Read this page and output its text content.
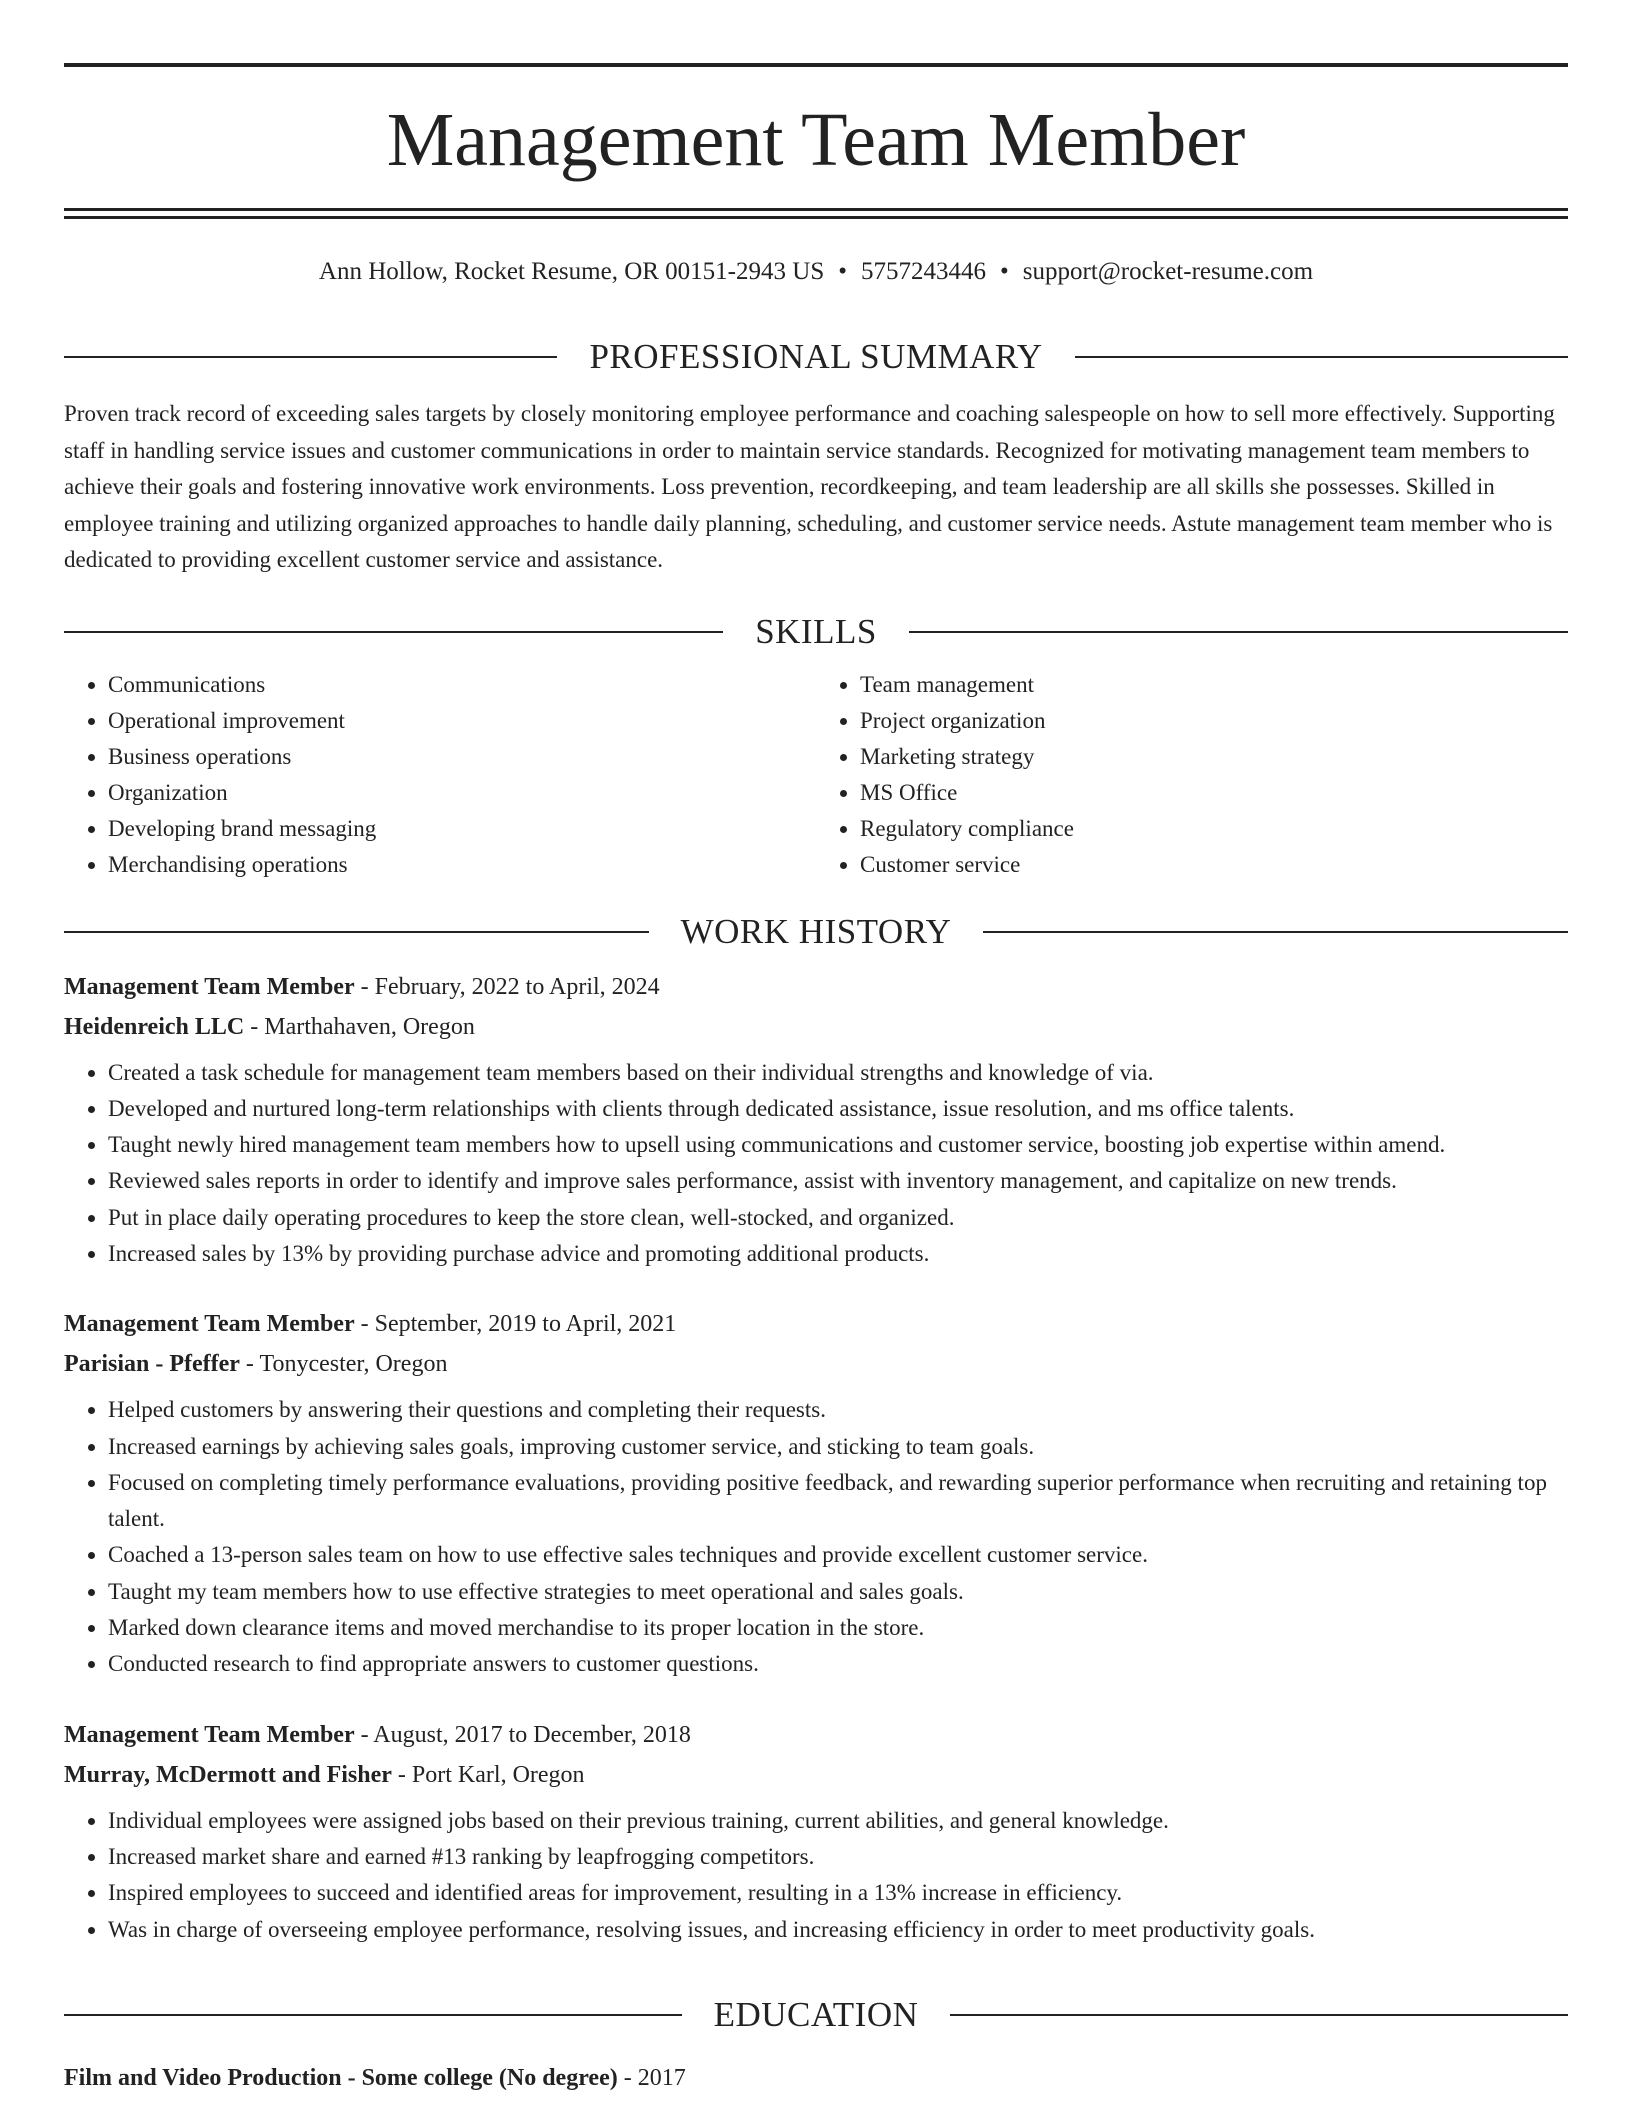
Management Team Member
Ann Hollow, Rocket Resume, OR 00151-2943 US • 5757243446 • support@rocket-resume.com
PROFESSIONAL SUMMARY

Proven track record of exceeding sales targets by closely monitoring employee performance and coaching salespeople on how to sell more effectively. Supporting staff in handling service issues and customer communications in order to maintain service standards. Recognized for motivating management team members to achieve their goals and fostering innovative work environments. Loss prevention, recordkeeping, and team leadership are all skills she possesses. Skilled in employee training and utilizing organized approaches to handle daily planning, scheduling, and customer service needs. Astute management team member who is dedicated to providing excellent customer service and assistance.

SKILLS
• Communications
• Operational improvement
• Business operations
• Organization
• Developing brand messaging
• Merchandising operations
• Team management
• Project organization
• Marketing strategy
• MS Office
• Regulatory compliance
• Customer service
WORK HISTORY
Management Team Member - February, 2022 to April, 2024
Heidenreich LLC - Marthahaven, Oregon
• Created a task schedule for management team members based on their individual strengths and knowledge of via.
• Developed and nurtured long-term relationships with clients through dedicated assistance, issue resolution, and ms office talents.
• Taught newly hired management team members how to upsell using communications and customer service, boosting job expertise within amend.
• Reviewed sales reports in order to identify and improve sales performance, assist with inventory management, and capitalize on new trends.
• Put in place daily operating procedures to keep the store clean, well-stocked, and organized.
• Increased sales by 13% by providing purchase advice and promoting additional products.
Management Team Member - September, 2019 to April, 2021
Parisian - Pfeffer - Tonycester, Oregon
• Helped customers by answering their questions and completing their requests.
• Increased earnings by achieving sales goals, improving customer service, and sticking to team goals.
• Focused on completing timely performance evaluations, providing positive feedback, and rewarding superior performance when recruiting and retaining top talent.
• Coached a 13-person sales team on how to use effective sales techniques and provide excellent customer service.
• Taught my team members how to use effective strategies to meet operational and sales goals.
• Marked down clearance items and moved merchandise to its proper location in the store.
• Conducted research to find appropriate answers to customer questions.
Management Team Member - August, 2017 to December, 2018
Murray, McDermott and Fisher - Port Karl, Oregon
• Individual employees were assigned jobs based on their previous training, current abilities, and general knowledge.
• Increased market share and earned #13 ranking by leapfrogging competitors.
• Inspired employees to succeed and identified areas for improvement, resulting in a 13% increase in efficiency.
• Was in charge of overseeing employee performance, resolving issues, and increasing efficiency in order to meet productivity goals.
EDUCATION
Film and Video Production - Some college (No degree) - 2017
